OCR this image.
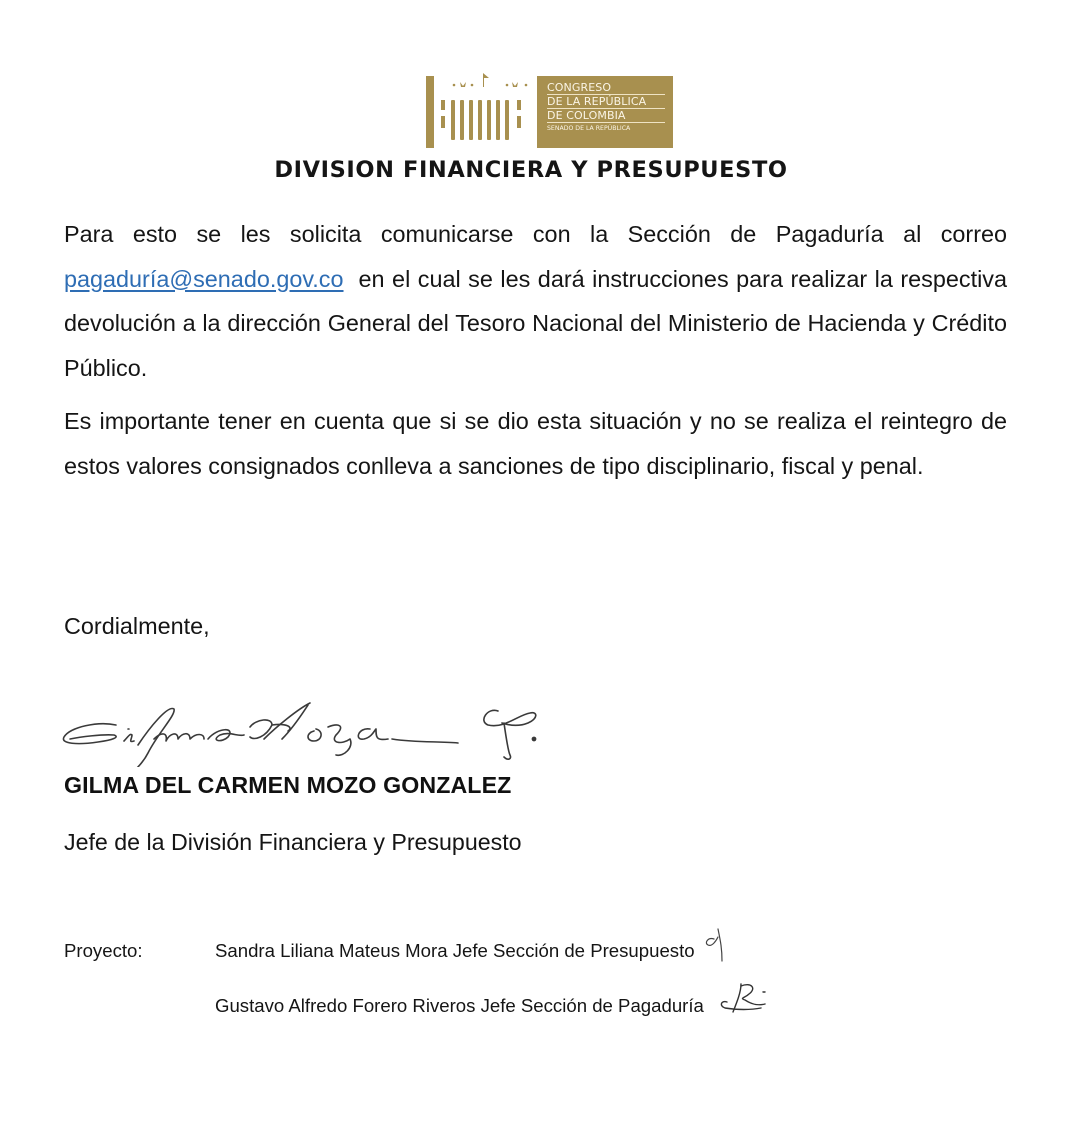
CONGRESO
DE LA REPÚBLICA
DE COLOMBIA
SENADO DE LA REPÚBLICA
DIVISION FINANCIERA Y PRESUPUESTO

Para esto se les solicita comunicarse con la Sección de Pagaduría al correo pagaduría@senado.gov.co  en el cual se les dará instrucciones para realizar la respectiva devolución a la dirección General del Tesoro Nacional del Ministerio de Hacienda y Crédito Público.

Es importante tener en cuenta que si se dio esta situación y no se realiza el reintegro de estos valores consignados conlleva a sanciones de tipo disciplinario, fiscal y penal.

Cordialmente,
GILMA DEL CARMEN MOZO GONZALEZ
Jefe de la División Financiera y Presupuesto
Proyecto:	Sandra Liliana Mateus Mora Jefe Sección de Presupuesto
Gustavo Alfredo Forero Riveros Jefe Sección de Pagaduría
